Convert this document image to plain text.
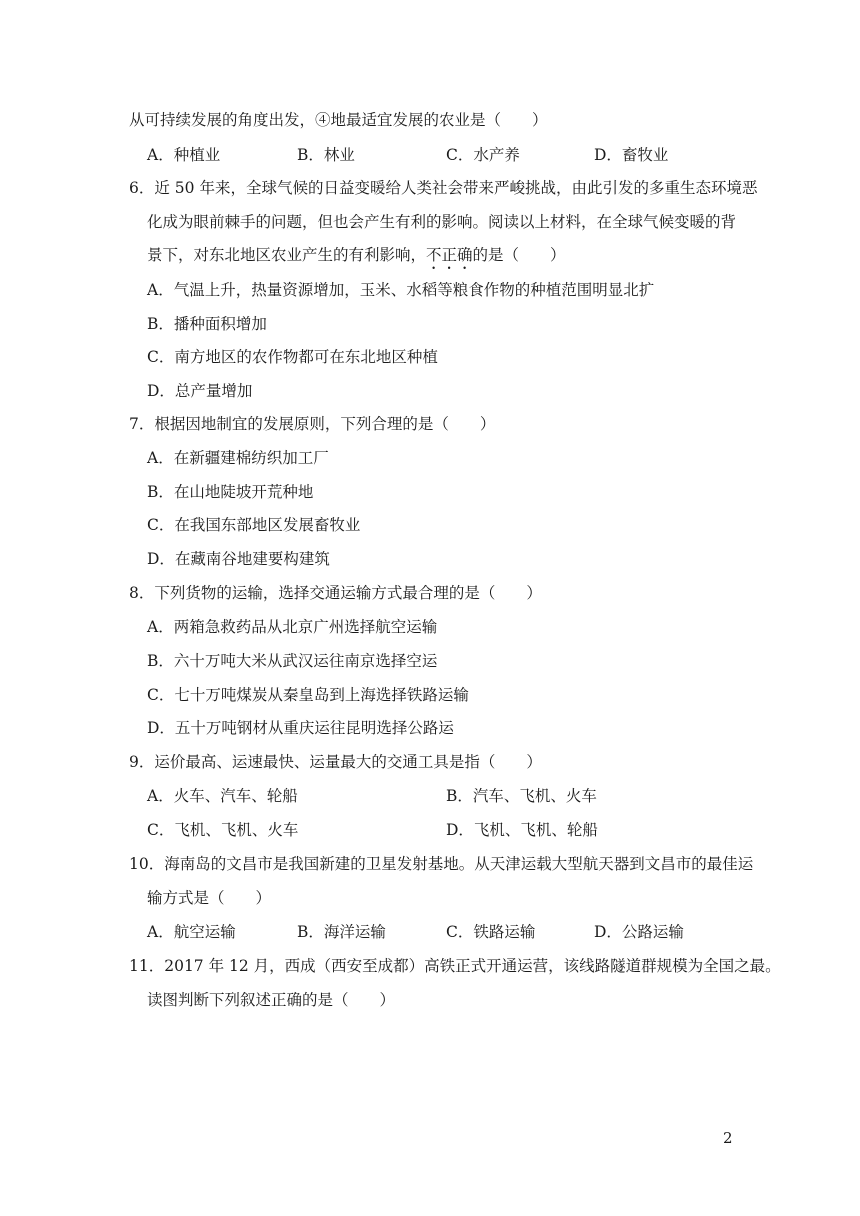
从可持续发展的角度出发，④地最适宜发展的农业是（　　）
A．种植业	B．林业	C．水产养	D．畜牧业
6．近 50 年来，全球气候的日益变暖给人类社会带来严峻挑战，由此引发的多重生态环境恶
化成为眼前棘手的问题，但也会产生有利的影响。阅读以上材料，在全球气候变暖的背
景下，对东北地区农业产生的有利影响，不正确的是（　　）
A．气温上升，热量资源增加，玉米、水稻等粮食作物的种植范围明显北扩
B．播种面积增加
C．南方地区的农作物都可在东北地区种植
D．总产量增加
7．根据因地制宜的发展原则，下列合理的是（　　）
A．在新疆建棉纺织加工厂
B．在山地陡坡开荒种地
C．在我国东部地区发展畜牧业
D．在藏南谷地建要构建筑
8．下列货物的运输，选择交通运输方式最合理的是（　　）
A．两箱急救药品从北京广州选择航空运输
B．六十万吨大米从武汉运往南京选择空运
C．七十万吨煤炭从秦皇岛到上海选择铁路运输
D．五十万吨钢材从重庆运往昆明选择公路运
9．运价最高、运速最快、运量最大的交通工具是指（　　）
A．火车、汽车、轮船	B．汽车、飞机、火车
C．飞机、飞机、火车	D．飞机、飞机、轮船
10．海南岛的文昌市是我国新建的卫星发射基地。从天津运载大型航天器到文昌市的最佳运
输方式是（　　）
A．航空运输	B．海洋运输	C．铁路运输	D．公路运输
11．2017 年 12 月，西成（西安至成都）高铁正式开通运营，该线路隧道群规模为全国之最。
读图判断下列叙述正确的是（　　）
2
